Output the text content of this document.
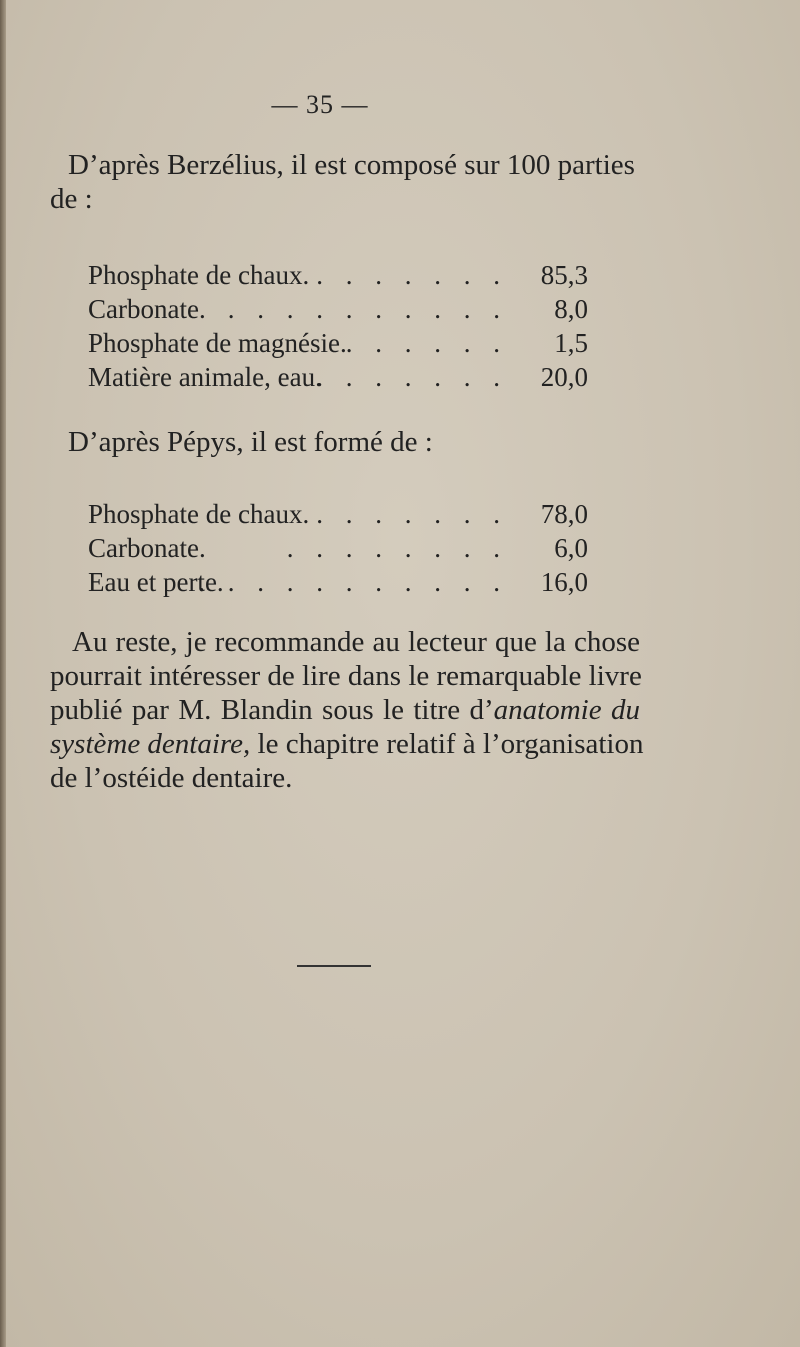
— 35 —
D’après Berzélius, il est composé sur 100 parties
de :
Phosphate de chaux. . . . . . . . 85,3
Carbonate. . . . . . . . . . . 8,0
Phosphate de magnésie. . . . . . . 1,5
Matière animale, eau.
. . . . . . . 20,0
D’après Pépys, il est formé de :
Phosphate de chaux. . . . . . . . 78,0
Carbonate.	. . . . . . . . 6,0
Eau et perte.
. . . . . . . . . . . 16,0
Au reste, je recommande au lecteur que la chose
pourrait intéresser de lire dans le remarquable livre
publié par M. Blandin sous le titre d’anatomie du
système dentaire, le chapitre relatif à l’organisation
de l’ostéide dentaire.
